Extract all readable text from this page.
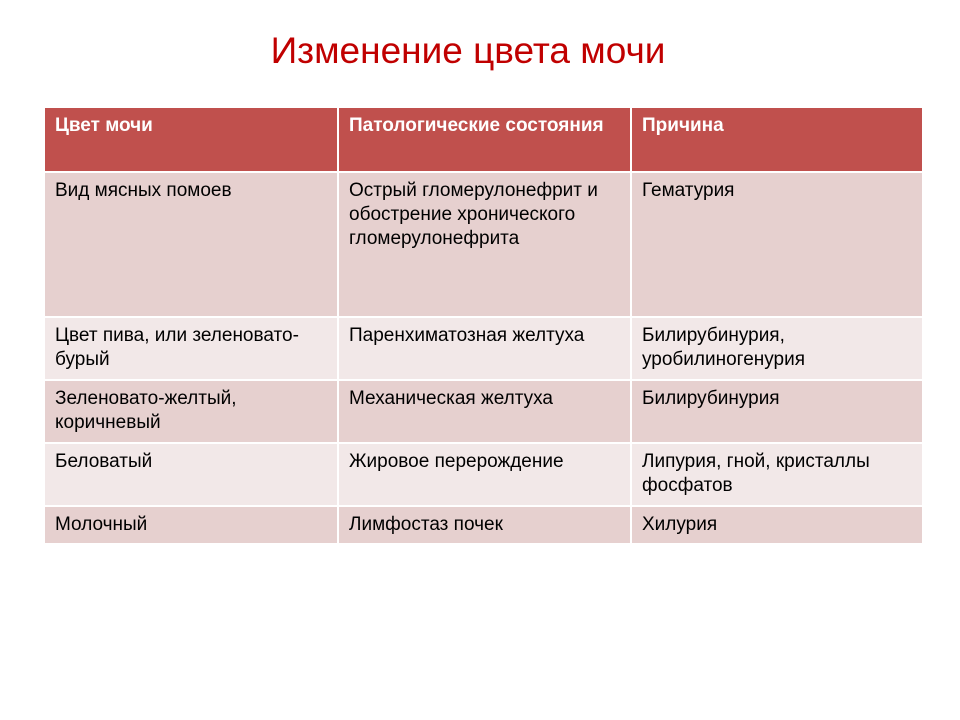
Изменение цвета мочи
Цвет мочи	Патологические состояния	Причина
Вид мясных помоев	Острый гломерулонефрит и обострение хронического гломерулонефрита	Гематурия
Цвет пива, или зеленовато-бурый	Паренхиматозная желтуха	Билирубинурия, уробилиногенурия
Зеленовато-желтый, коричневый	Механическая желтуха	Билирубинурия
Беловатый	Жировое перерождение	Липурия, гной, кристаллы фосфатов
Молочный	Лимфостаз почек	Хилурия
